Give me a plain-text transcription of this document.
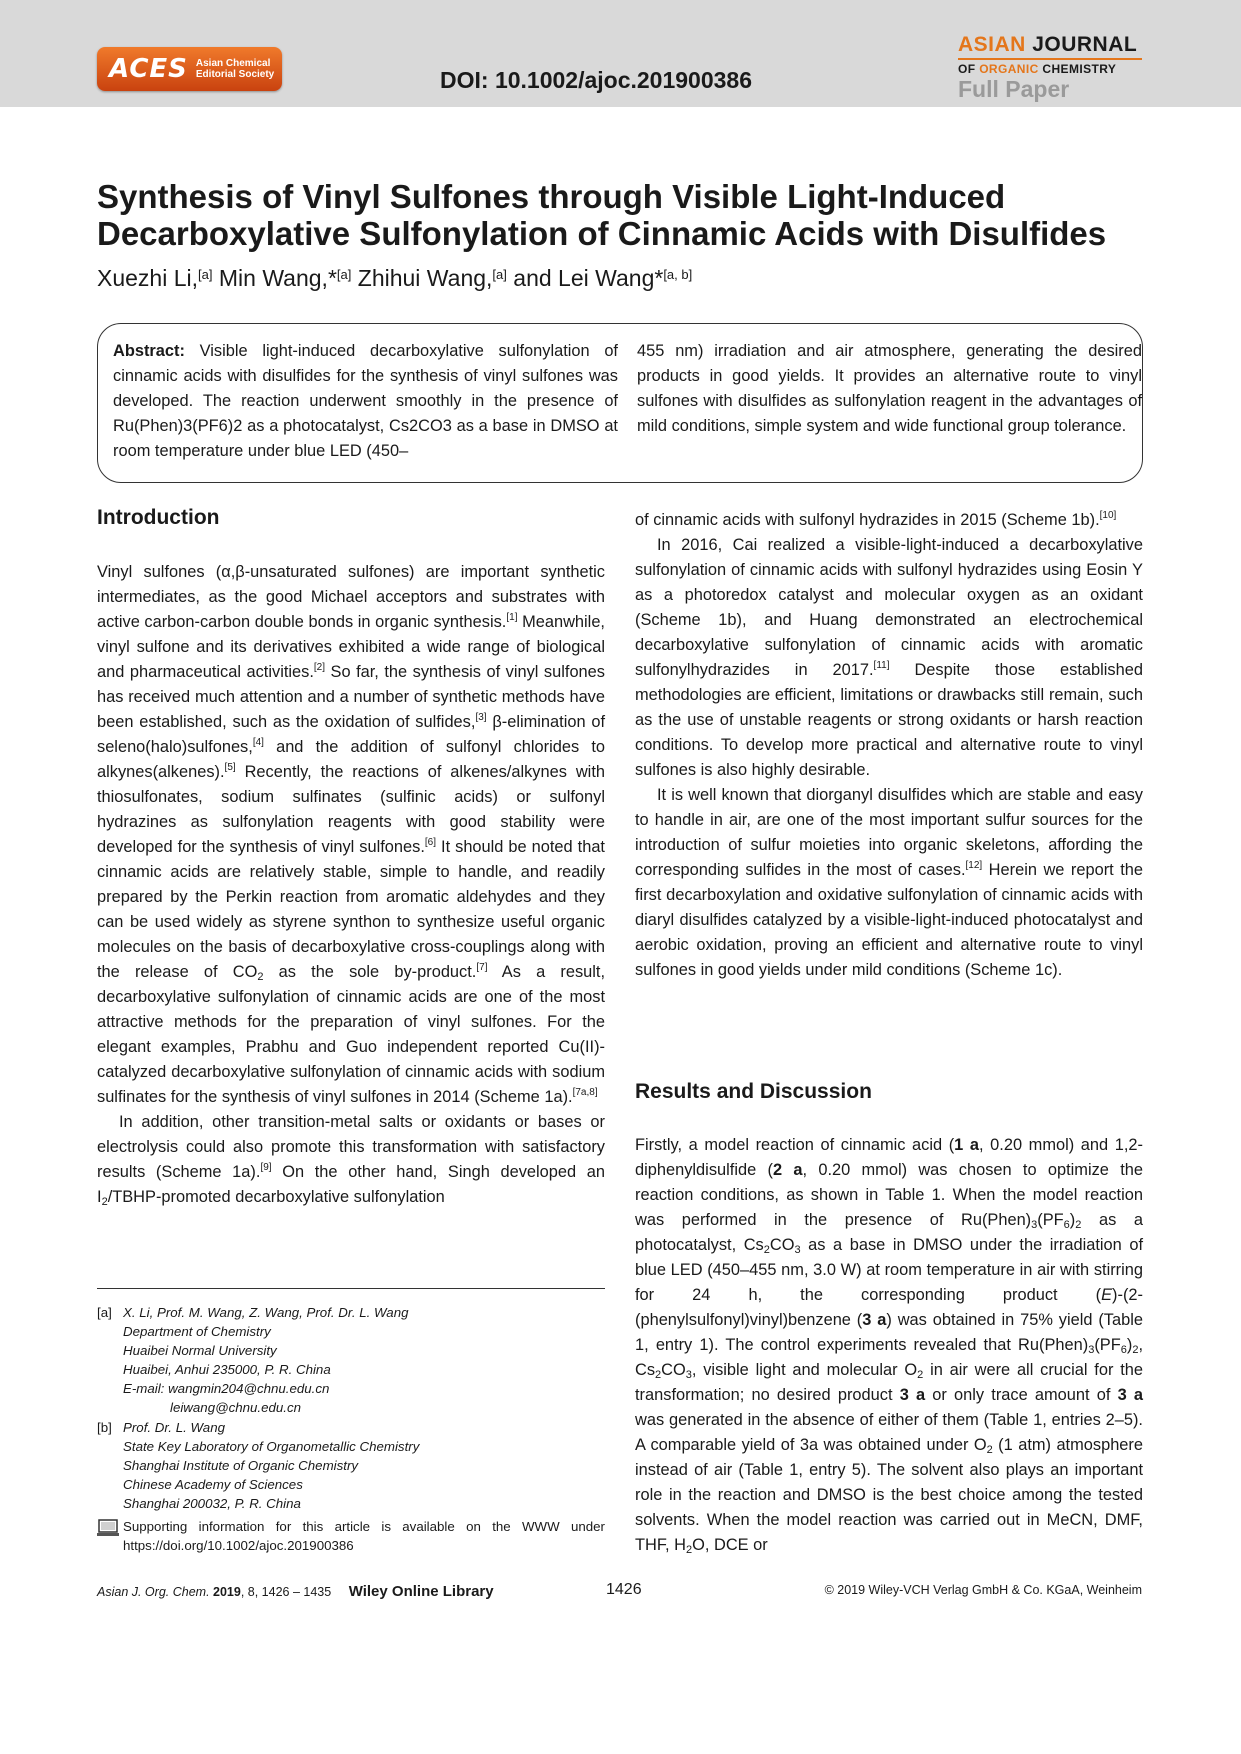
ACES Asian Chemical
Editorial Society	DOI: 10.1002/ajoc.201900386
ASIAN JOURNAL
OF ORGANIC CHEMISTRY
Full Paper
Synthesis of Vinyl Sulfones through Visible Light-Induced
Decarboxylative Sulfonylation of Cinnamic Acids with Disulfides
Xuezhi Li,[a] Min Wang,*[a] Zhihui Wang,[a] and Lei Wang*[a, b]
Abstract: Visible light-induced decarboxylative sulfonylation of cinnamic acids with disulfides for the synthesis of vinyl sulfones was developed. The reaction underwent smoothly in the presence of Ru(Phen)3(PF6)2 as a photocatalyst, Cs2CO3 as a base in DMSO at room temperature under blue LED (450–
455 nm) irradiation and air atmosphere, generating the desired products in good yields. It provides an alternative route to vinyl sulfones with disulfides as sulfonylation reagent in the advantages of mild conditions, simple system and wide functional group tolerance.
Introduction

Vinyl sulfones (α,β-unsaturated sulfones) are important synthetic intermediates, as the good Michael acceptors and substrates with active carbon-carbon double bonds in organic synthesis.[1] Meanwhile, vinyl sulfone and its derivatives exhibited a wide range of biological and pharmaceutical activities.[2] So far, the synthesis of vinyl sulfones has received much attention and a number of synthetic methods have been established, such as the oxidation of sulfides,[3] β-elimination of seleno(halo)sulfones,[4] and the addition of sulfonyl chlorides to alkynes(alkenes).[5] Recently, the reactions of alkenes/alkynes with thiosulfonates, sodium sulfinates (sulfinic acids) or sulfonyl hydrazines as sulfonylation reagents with good stability were developed for the synthesis of vinyl sulfones.[6] It should be noted that cinnamic acids are relatively stable, simple to handle, and readily prepared by the Perkin reaction from aromatic aldehydes and they can be used widely as styrene synthon to synthesize useful organic molecules on the basis of decarboxylative cross-couplings along with the release of $CO_2$ as the sole by-product.[7] As a result, decarboxylative sulfonylation of cinnamic acids are one of the most attractive methods for the preparation of vinyl sulfones. For the elegant examples, Prabhu and Guo independent reported Cu(II)-catalyzed decarboxylative sulfonylation of cinnamic acids with sodium sulfinates for the synthesis of vinyl sulfones in 2014 (Scheme 1a).[7a,8]

In addition, other transition-metal salts or oxidants or bases or electrolysis could also promote this transformation with satisfactory results (Scheme 1a).[9] On the other hand, Singh developed an $I_2/TBHP$-promoted decarboxylative sulfonylation

of cinnamic acids with sulfonyl hydrazides in 2015 (Scheme 1b).[10]

In 2016, Cai realized a visible-light-induced a decarboxylative sulfonylation of cinnamic acids with sulfonyl hydrazides using Eosin Y as a photoredox catalyst and molecular oxygen as an oxidant (Scheme 1b), and Huang demonstrated an electrochemical decarboxylative sulfonylation of cinnamic acids with aromatic sulfonylhydrazides in 2017.[11] Despite those established methodologies are efficient, limitations or drawbacks still remain, such as the use of unstable reagents or strong oxidants or harsh reaction conditions. To develop more practical and alternative route to vinyl sulfones is also highly desirable.

It is well known that diorganyl disulfides which are stable and easy to handle in air, are one of the most important sulfur sources for the introduction of sulfur moieties into organic skeletons, affording the corresponding sulfides in the most of cases.[12] Herein we report the first decarboxylation and oxidative sulfonylation of cinnamic acids with diaryl disulfides catalyzed by a visible-light-induced photocatalyst and aerobic oxidation, proving an efficient and alternative route to vinyl sulfones in good yields under mild conditions (Scheme 1c).

Results and Discussion

Firstly, a model reaction of cinnamic acid (1 a, 0.20 mmol) and 1,2-diphenyldisulfide (2 a, 0.20 mmol) was chosen to optimize the reaction conditions, as shown in Table 1. When the model reaction was performed in the presence of $Ru(Phen)_3(PF_6)_2$ as a photocatalyst, $Cs_2CO_3$ as a base in DMSO under the irradiation of blue LED (450–455 nm, 3.0 W) at room temperature in air with stirring for 24 h, the corresponding product (E)-(2-(phenylsulfonyl)vinyl)benzene (3 a) was obtained in 75% yield (Table 1, entry 1). The control experiments revealed that $Ru(Phen)_3(PF_6)_2$, $Cs_2CO_3$, visible light and molecular $O_2$ in air were all crucial for the transformation; no desired product 3 a or only trace amount of 3 a was generated in the absence of either of them (Table 1, entries 2–5). A comparable yield of 3a was obtained under $O_2$ (1 atm) atmosphere instead of air (Table 1, entry 5). The solvent also plays an important role in the reaction and DMSO is the best choice among the tested solvents. When the model reaction was carried out in MeCN, DMF, THF, $H_2O$, DCE or

[a] X. Li, Prof. M. Wang, Z. Wang, Prof. Dr. L. Wang
Department of Chemistry
Huaibei Normal University
Huaibei, Anhui 235000, P. R. China
E-mail: wangmin204@chnu.edu.cn
leiwang@chnu.edu.cn
[b] Prof. Dr. L. Wang
State Key Laboratory of Organometallic Chemistry
Shanghai Institute of Organic Chemistry
Chinese Academy of Sciences
Shanghai 200032, P. R. China
Supporting information for this article is available on the WWW under https://doi.org/10.1002/ajoc.201900386
Asian J. Org. Chem. 2019, 8, 1426 – 1435 Wiley Online Library	1426	© 2019 Wiley-VCH Verlag GmbH & Co. KGaA, Weinheim
